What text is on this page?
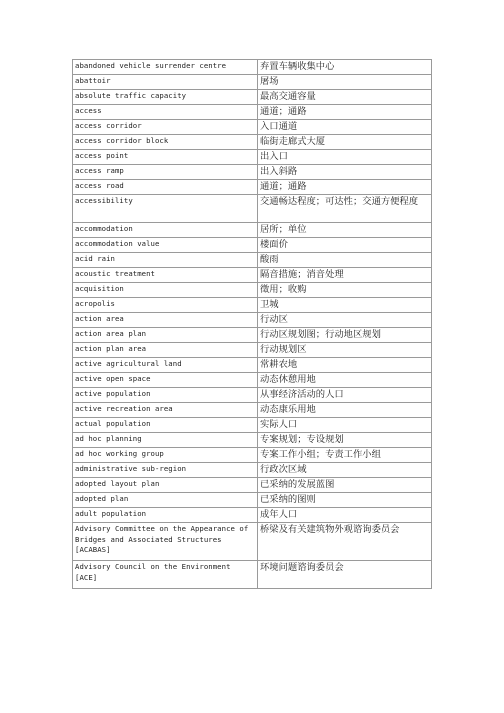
abandoned vehicle surrender centre	弃置车辆收集中心
abattoir	屠场
absolute traffic capacity	最高交通容量
access	通道；通路
access corridor	入口通道
access corridor block	临街走廊式大厦
access point	出入口
access ramp	出入斜路
access road	通道；通路
accessibility	交通畅达程度；可达性；交通方便程度
accommodation	居所；单位
accommodation value	楼面价
acid rain	酸雨
acoustic treatment	隔音措施；消音处理
acquisition	徵用；收购
acropolis	卫城
action area	行动区
action area plan	行动区规划图；行动地区规划
action plan area	行动规划区
active agricultural land	常耕农地
active open space	动态休憩用地
active population	从事经济活动的人口
active recreation area	动态康乐用地
actual population	实际人口
ad hoc planning	专案规划；专设规划
ad hoc working group	专案工作小组；专责工作小组
administrative sub-region	行政次区域
adopted layout plan	已采纳的发展蓝图
adopted plan	已采纳的图则
adult population	成年人口
Advisory Committee on the Appearance of Bridges and Associated Structures [ACABAS]	桥梁及有关建筑物外观谘询委员会
Advisory Council on the Environment [ACE]	环境问题谘询委员会
